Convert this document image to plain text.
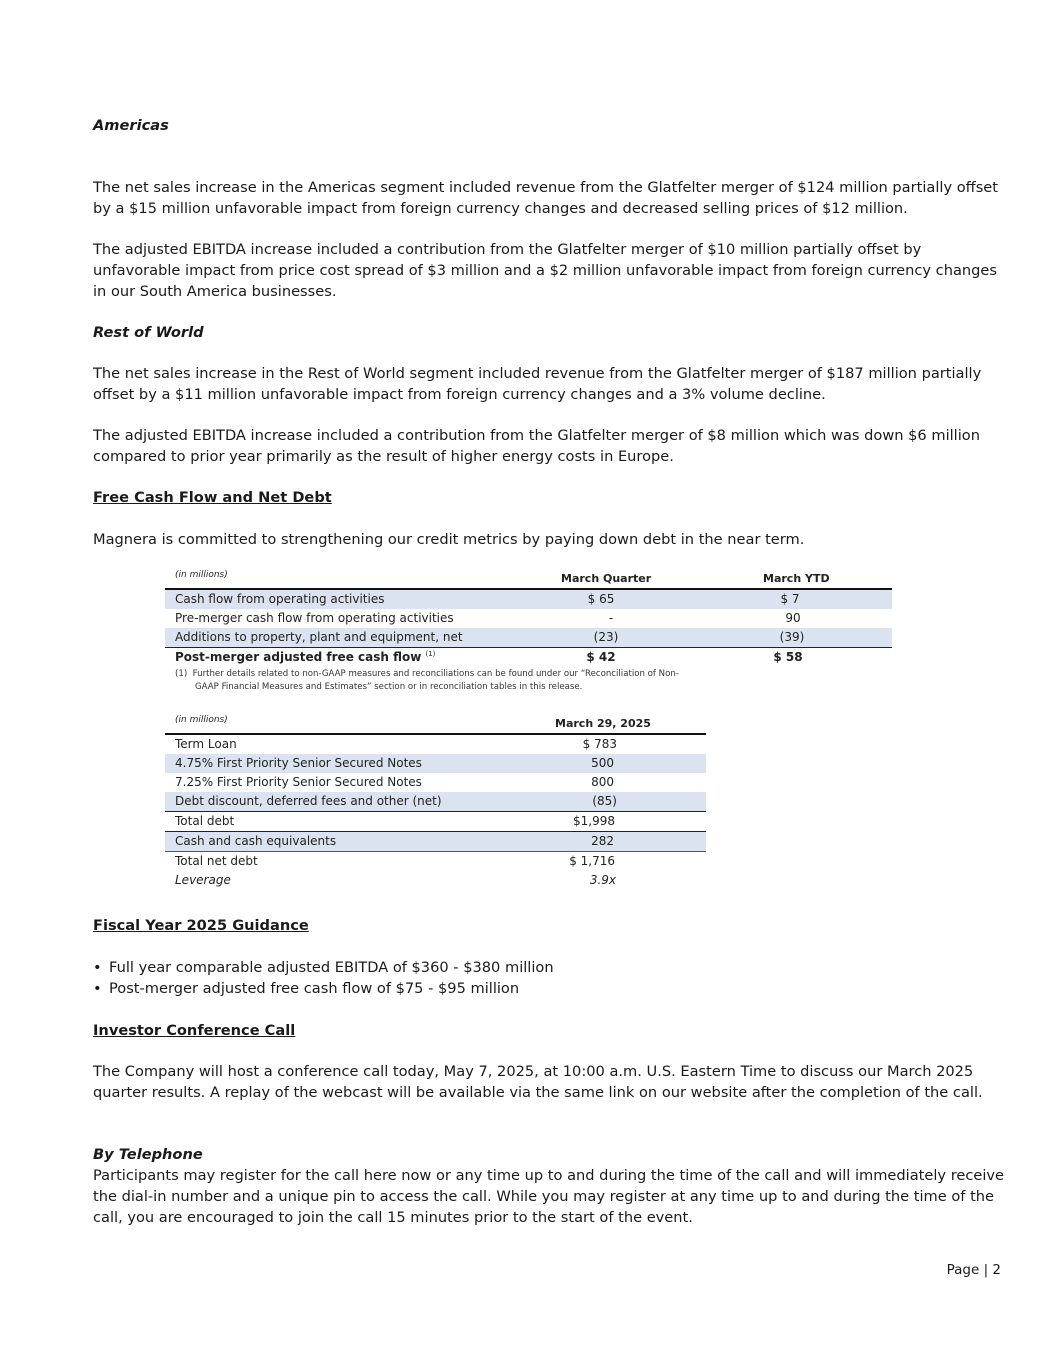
Americas

The net sales increase in the Americas segment included revenue from the Glatfelter merger of $124 million partially offset by a $15 million unfavorable impact from foreign currency changes and decreased selling prices of $12 million.

The adjusted EBITDA increase included a contribution from the Glatfelter merger of $10 million partially offset by unfavorable impact from price cost spread of $3 million and a $2 million unfavorable impact from foreign currency changes in our South America businesses.

Rest of World

The net sales increase in the Rest of World segment included revenue from the Glatfelter merger of $187 million partially offset by a $11 million unfavorable impact from foreign currency changes and a 3% volume decline.

The adjusted EBITDA increase included a contribution from the Glatfelter merger of $8 million which was down $6 million compared to prior year primarily as the result of higher energy costs in Europe.

Free Cash Flow and Net Debt

Magnera is committed to strengthening our credit metrics by paying down debt in the near term.

(in millions)	March Quarter	March YTD
Cash flow from operating activities	$ 65	$ 7
Pre-merger cash flow from operating activities	-	90
Additions to property, plant and equipment, net	(23)	(39)
Post-merger adjusted free cash flow $^{(1)}$	$ 42	$ 58
(1) Further details related to non-GAAP measures and reconciliations can be found under our “Reconciliation of Non-
GAAP Financial Measures and Estimates” section or in reconciliation tables in this release.
(in millions)	March 29, 2025
Term Loan	$ 783
4.75% First Priority Senior Secured Notes	500
7.25% First Priority Senior Secured Notes	800
Debt discount, deferred fees and other (net)	(85)
Total debt	$1,998
Cash and cash equivalents	282
Total net debt	$ 1,716
Leverage	3.9x

Fiscal Year 2025 Guidance

• Full year comparable adjusted EBITDA of $360 - $380 million
• Post-merger adjusted free cash flow of $75 - $95 million

Investor Conference Call

The Company will host a conference call today, May 7, 2025, at 10:00 a.m. U.S. Eastern Time to discuss our March 2025 quarter results. A replay of the webcast will be available via the same link on our website after the completion of the call.

By Telephone

Participants may register for the call here now or any time up to and during the time of the call and will immediately receive the dial-in number and a unique pin to access the call. While you may register at any time up to and during the time of the call, you are encouraged to join the call 15 minutes prior to the start of the event.

Page | 2
